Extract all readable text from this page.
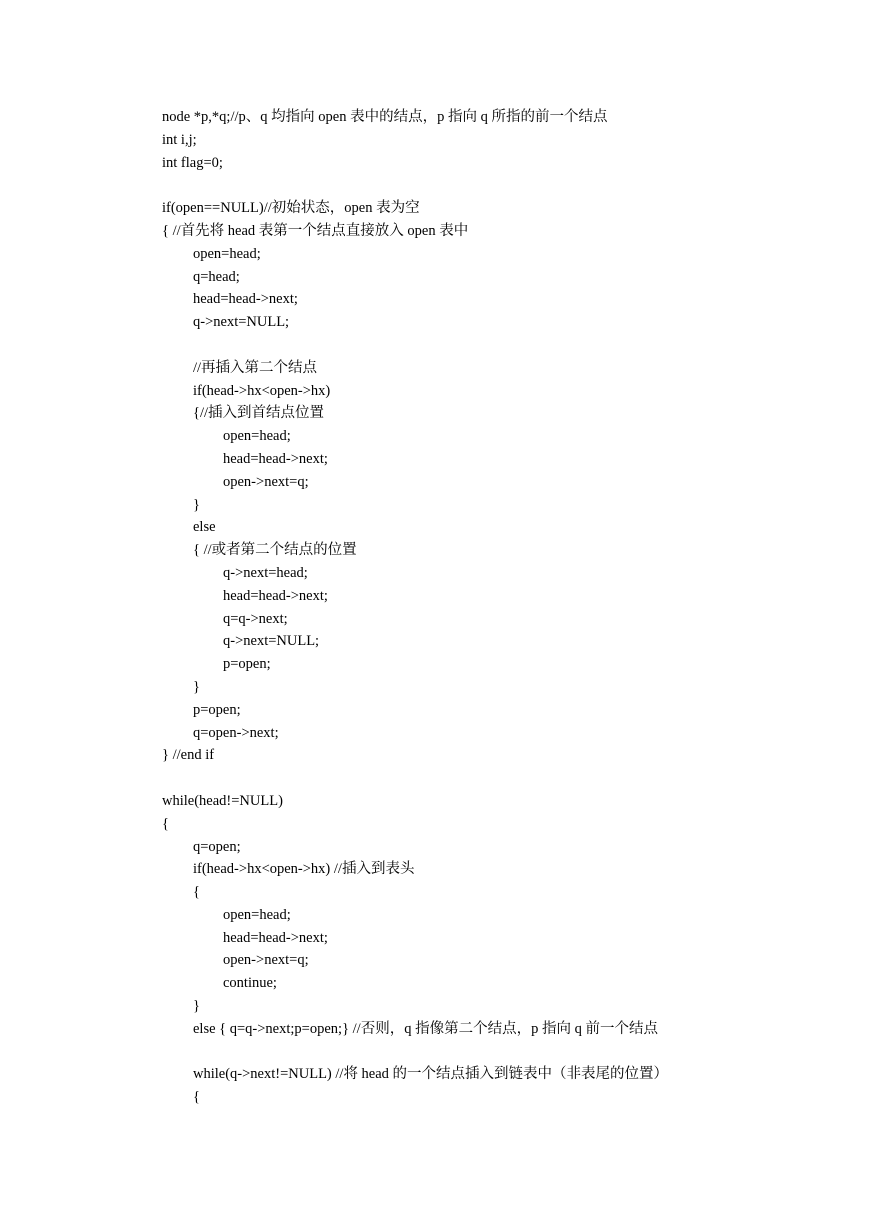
node *p,*q;//p、q 均指向 open 表中的结点，p 指向 q 所指的前一个结点
int i,j;
int flag=0;
if(open==NULL)//初始状态，open 表为空
{ //首先将 head 表第一个结点直接放入 open 表中
open=head;
q=head;
head=head->next;
q->next=NULL;
//再插入第二个结点
if(head->hx<open->hx)
{//插入到首结点位置
open=head;
head=head->next;
open->next=q;
}
else
{ //或者第二个结点的位置
q->next=head;
head=head->next;
q=q->next;
q->next=NULL;
p=open;
}
p=open;
q=open->next;
} //end if
while(head!=NULL)
{
q=open;
if(head->hx<open->hx) //插入到表头
{
open=head;
head=head->next;
open->next=q;
continue;
}
else { q=q->next;p=open;} //否则，q 指像第二个结点，p 指向 q 前一个结点
while(q->next!=NULL) //将 head 的一个结点插入到链表中（非表尾的位置）
{
